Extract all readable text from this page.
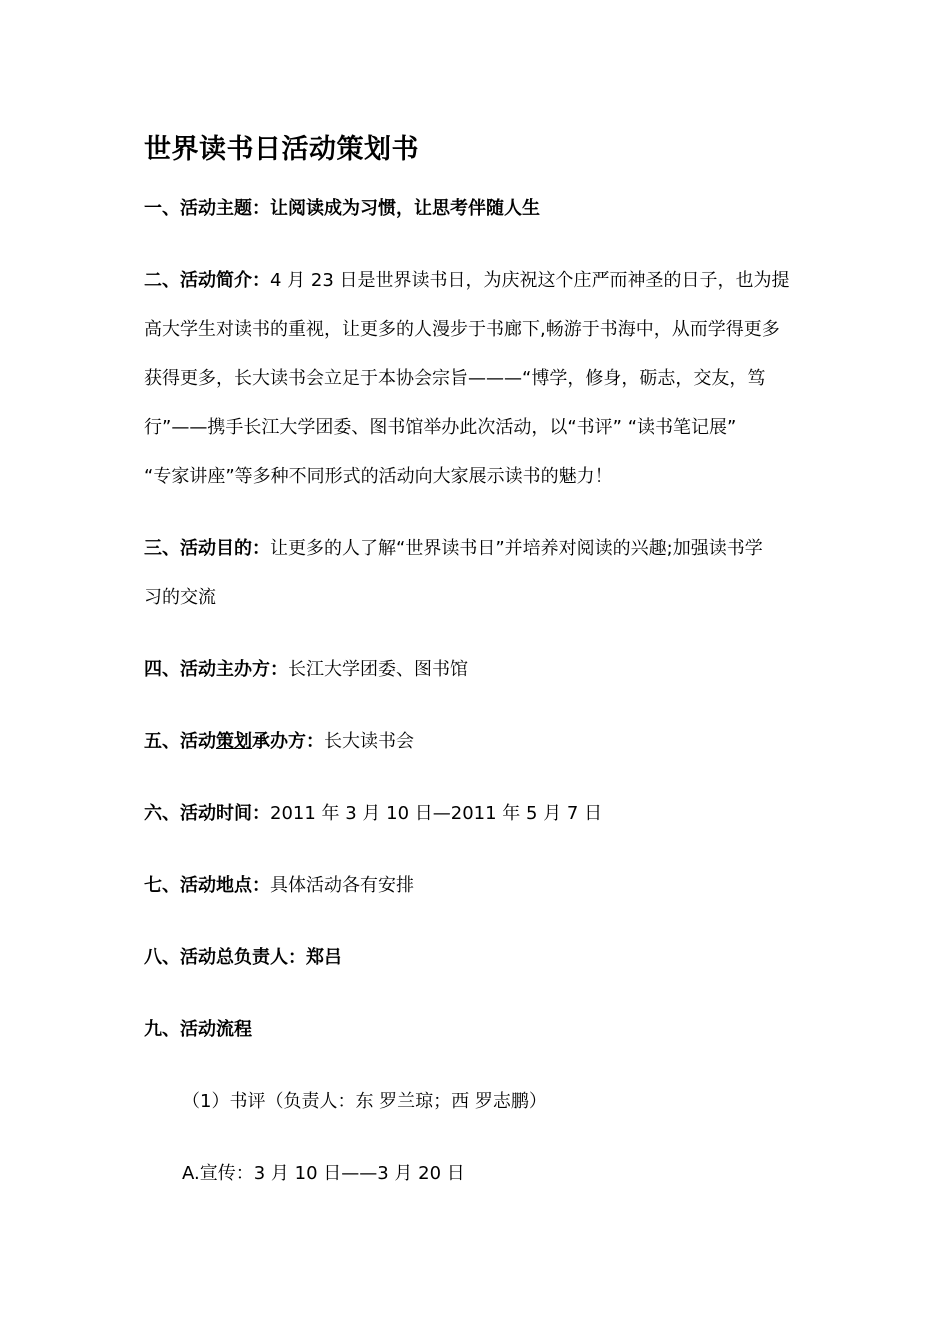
世界读书日活动策划书

一、活动主题：让阅读成为习惯，让思考伴随人生

二、活动简介：4 月 23 日是世界读书日，为庆祝这个庄严而神圣的日子，也为提
高大学生对读书的重视，让更多的人漫步于书廊下,畅游于书海中，从而学得更多
获得更多，长大读书会立足于本协会宗旨———“博学，修身，砺志，交友，笃
行”——携手长江大学团委、图书馆举办此次活动，以“书评” “读书笔记展”
“专家讲座”等多种不同形式的活动向大家展示读书的魅力！
三、活动目的：让更多的人了解“世界读书日”并培养对阅读的兴趣;加强读书学
习的交流

四、活动主办方：长江大学团委、图书馆

五、活动策划承办方：长大读书会

六、活动时间：2011 年 3 月 10 日—2011 年 5 月 7 日

七、活动地点：具体活动各有安排

八、活动总负责人：郑吕

九、活动流程

（1）书评（负责人：东 罗兰琼；西 罗志鹏）

A.宣传：3 月 10 日——3 月 20 日
